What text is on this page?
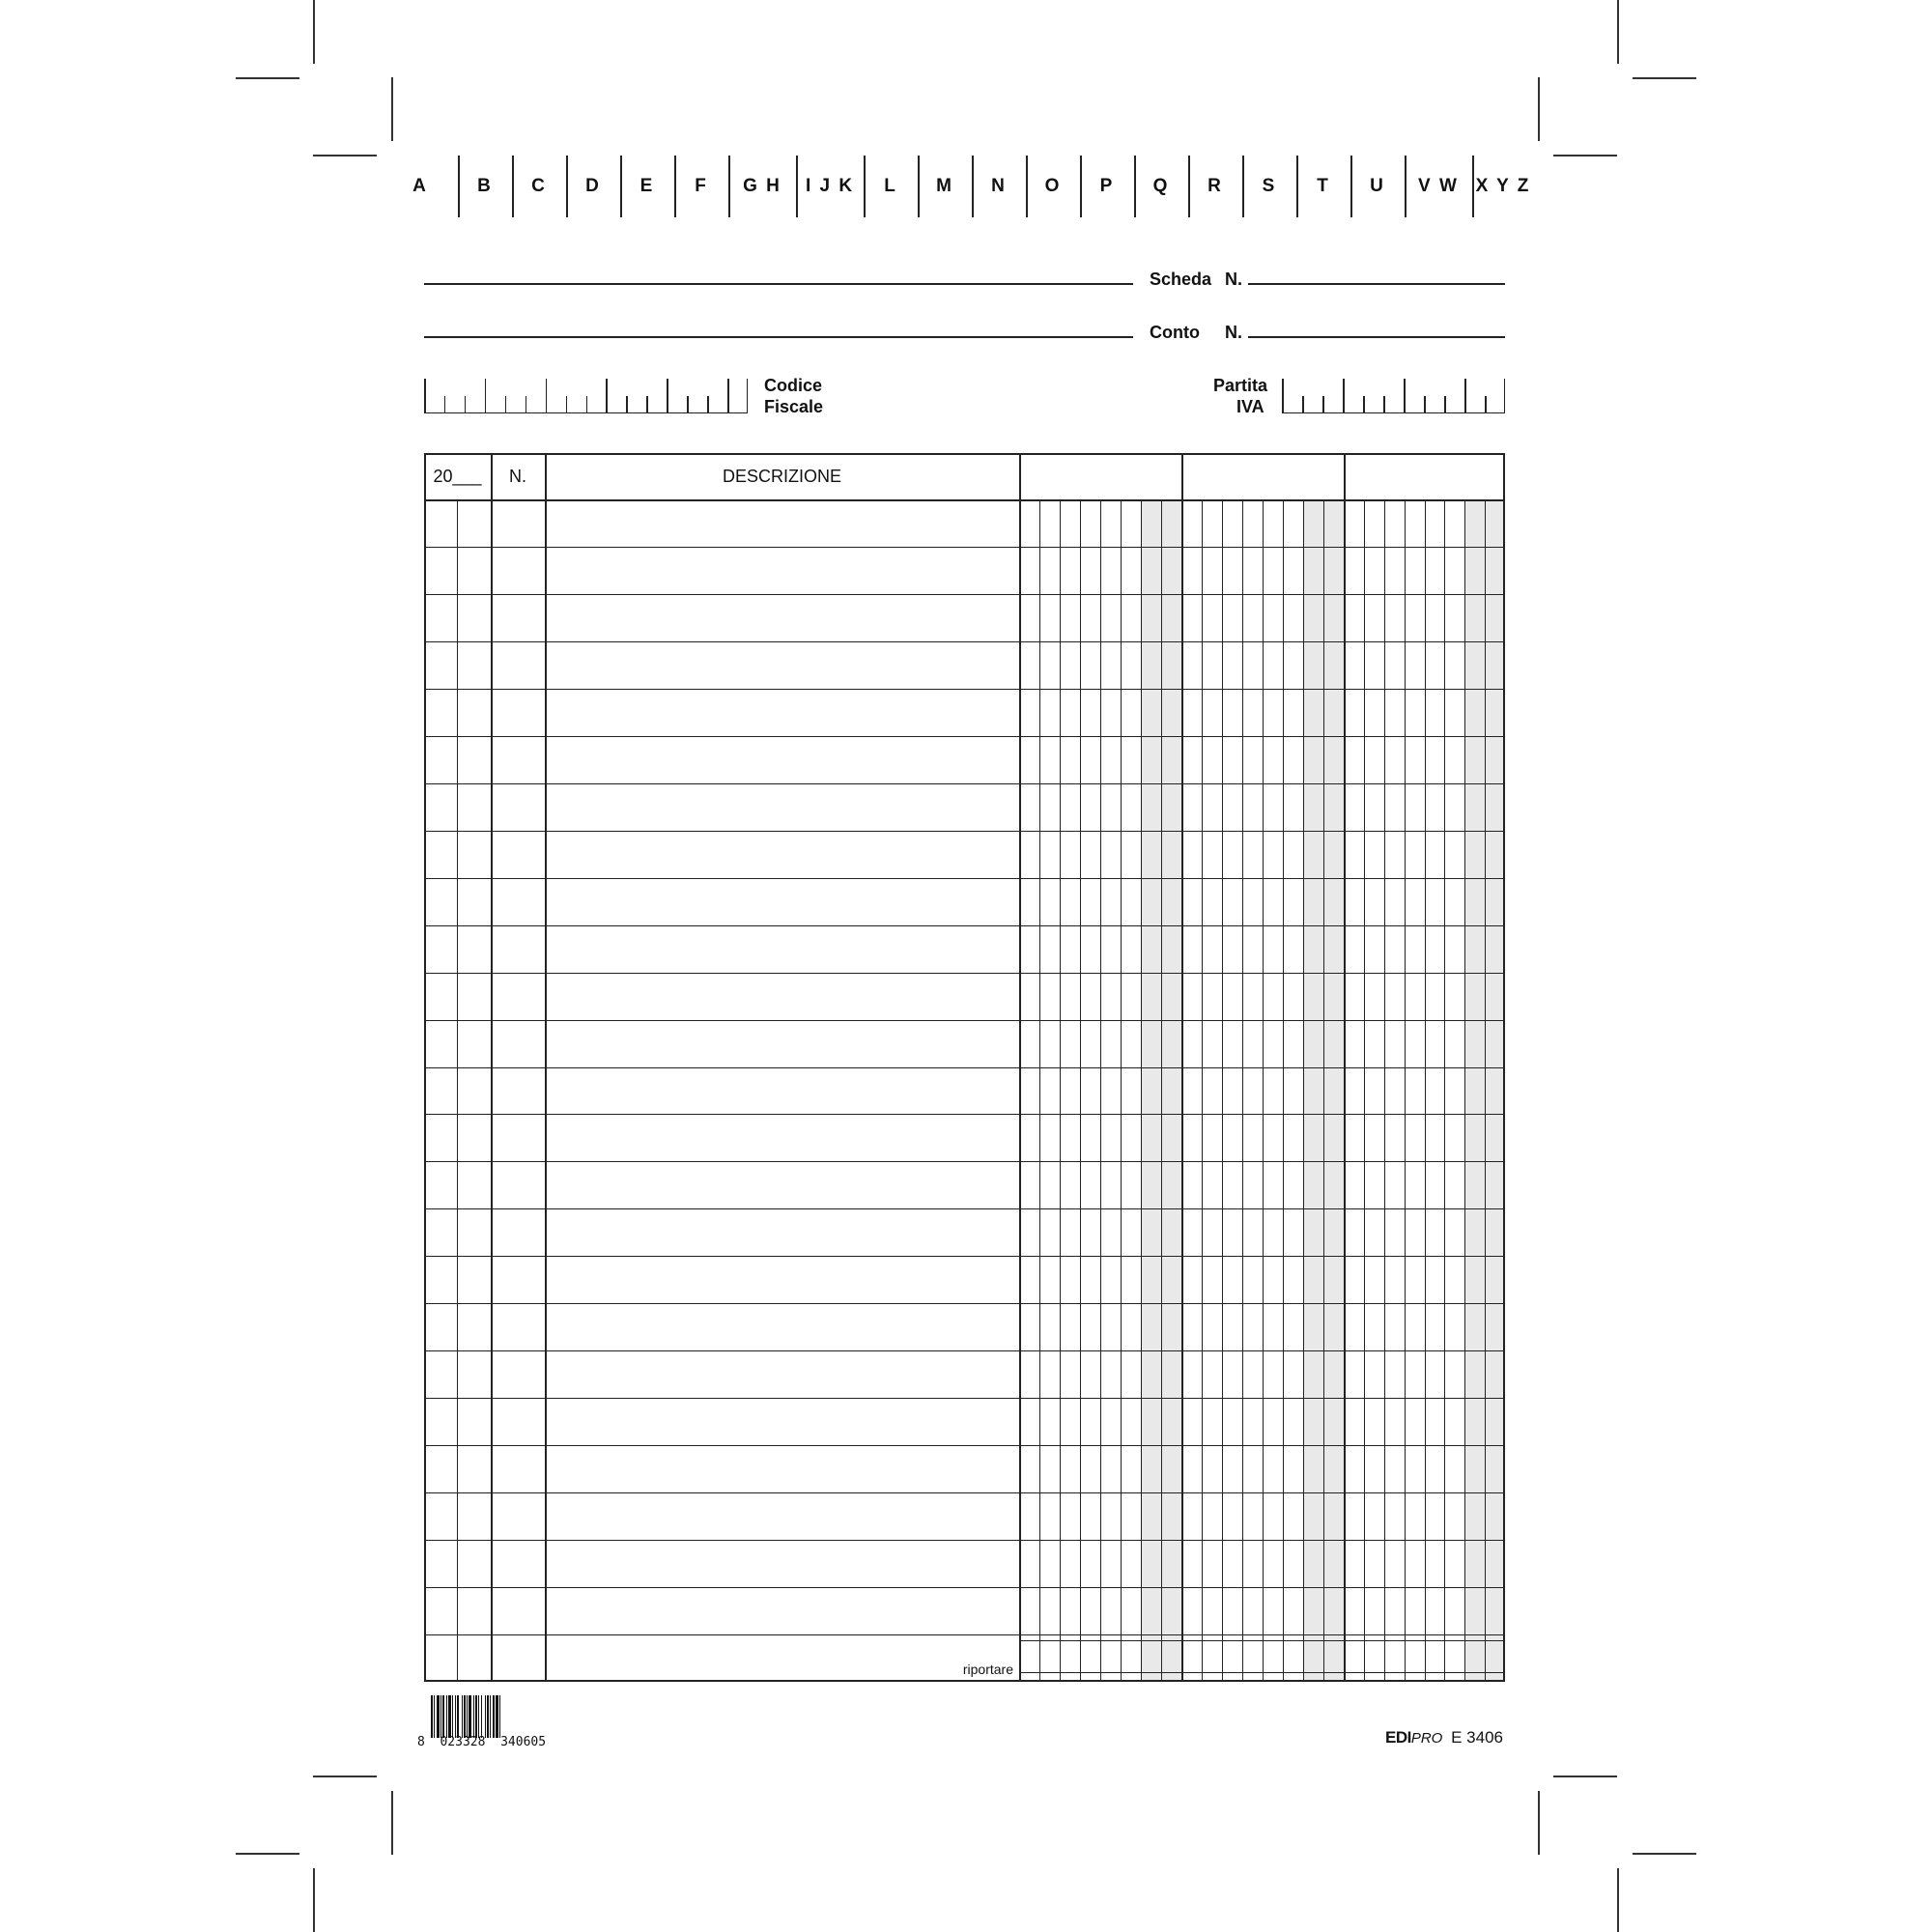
A	B	C	D	E	F	G H	I J K	L	M	N	O	P	Q	R	S	T	U	V W X Y Z
Scheda N.
Conto N.
Codice
Fiscale
Partita
IVA
20___	N.	DESCRIZIONE
riportare
8  023328  340605	EDIPRO E 3406
